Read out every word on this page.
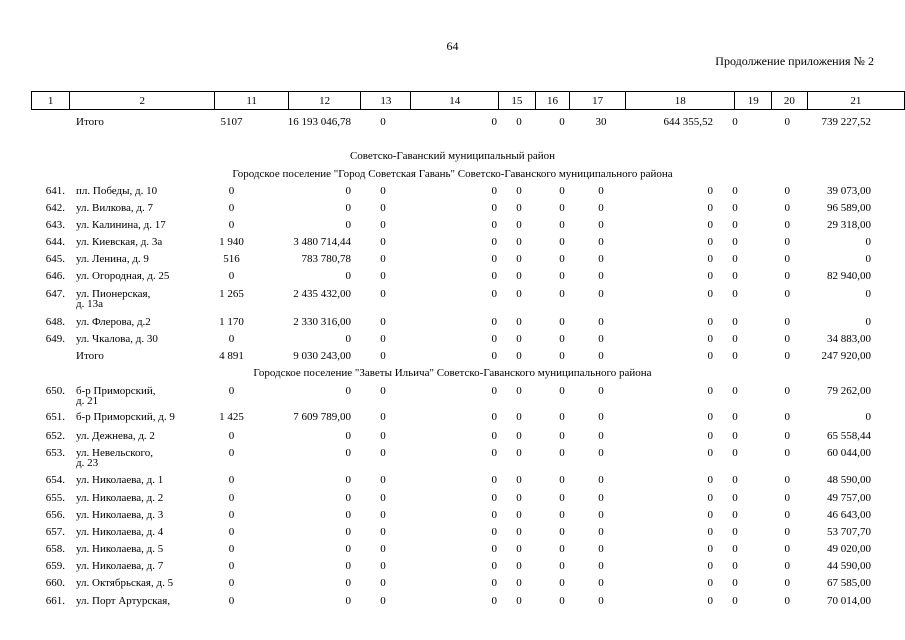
64
Продолжение приложения № 2
1	2	11	12	13	14	15	16	17	18	19	20	21
Итого	5107	16 193 046,78	0	0	0	0	30	644 355,52	0	0	739 227,52
Советско-Гаванский муниципальный район
Городское поселение "Город Советская Гавань" Советско-Гаванского муниципального района
641. пл. Победы, д. 10	0	0	0	0	0	0	0	0	0	0	39 073,00
642. ул. Вилкова, д. 7	0	0	0	0	0	0	0	0	0	0	96 589,00
643. ул. Калинина, д. 17	0	0	0	0	0	0	0	0	0	0	29 318,00
644. ул. Киевская, д. 3а	1 940	3 480 714,44	0	0	0	0	0	0	0	0	0
645. ул. Ленина, д. 9	516	783 780,78	0	0	0	0	0	0	0	0	0
646. ул. Огородная, д. 25	0	0	0	0	0	0	0	0	0	0	82 940,00
647. ул. Пионерская,	1 265	2 435 432,00	0	0	0	0	0	0	0	0	0
д. 13а
648. ул. Флерова, д.2	1 170	2 330 316,00	0	0	0	0	0	0	0	0	0
649. ул. Чкалова, д. 30	0	0	0	0	0	0	0	0	0	0	34 883,00
Итого	4 891	9 030 243,00	0	0	0	0	0	0	0	0	247 920,00
Городское поселение "Заветы Ильича" Советско-Гаванского муниципального района
650. б-р Приморский,	0	0	0	0	0	0	0	0	0	0	79 262,00
д. 21
651. б-р Приморский, д. 9	1 425	7 609 789,00	0	0	0	0	0	0	0	0	0
652. ул. Дежнева, д. 2	0	0	0	0	0	0	0	0	0	0	65 558,44
653. ул. Невельского,	0	0	0	0	0	0	0	0	0	0	60 044,00
д. 23
654. ул. Николаева, д. 1	0	0	0	0	0	0	0	0	0	0	48 590,00
655. ул. Николаева, д. 2	0	0	0	0	0	0	0	0	0	0	49 757,00
656. ул. Николаева, д. 3	0	0	0	0	0	0	0	0	0	0	46 643,00
657. ул. Николаева, д. 4	0	0	0	0	0	0	0	0	0	0	53 707,70
658. ул. Николаева, д. 5	0	0	0	0	0	0	0	0	0	0	49 020,00
659. ул. Николаева, д. 7	0	0	0	0	0	0	0	0	0	0	44 590,00
660. ул. Октябрьская, д. 5	0	0	0	0	0	0	0	0	0	0	67 585,00
661. ул. Порт Артурская,	0	0	0	0	0	0	0	0	0	0	70 014,00
